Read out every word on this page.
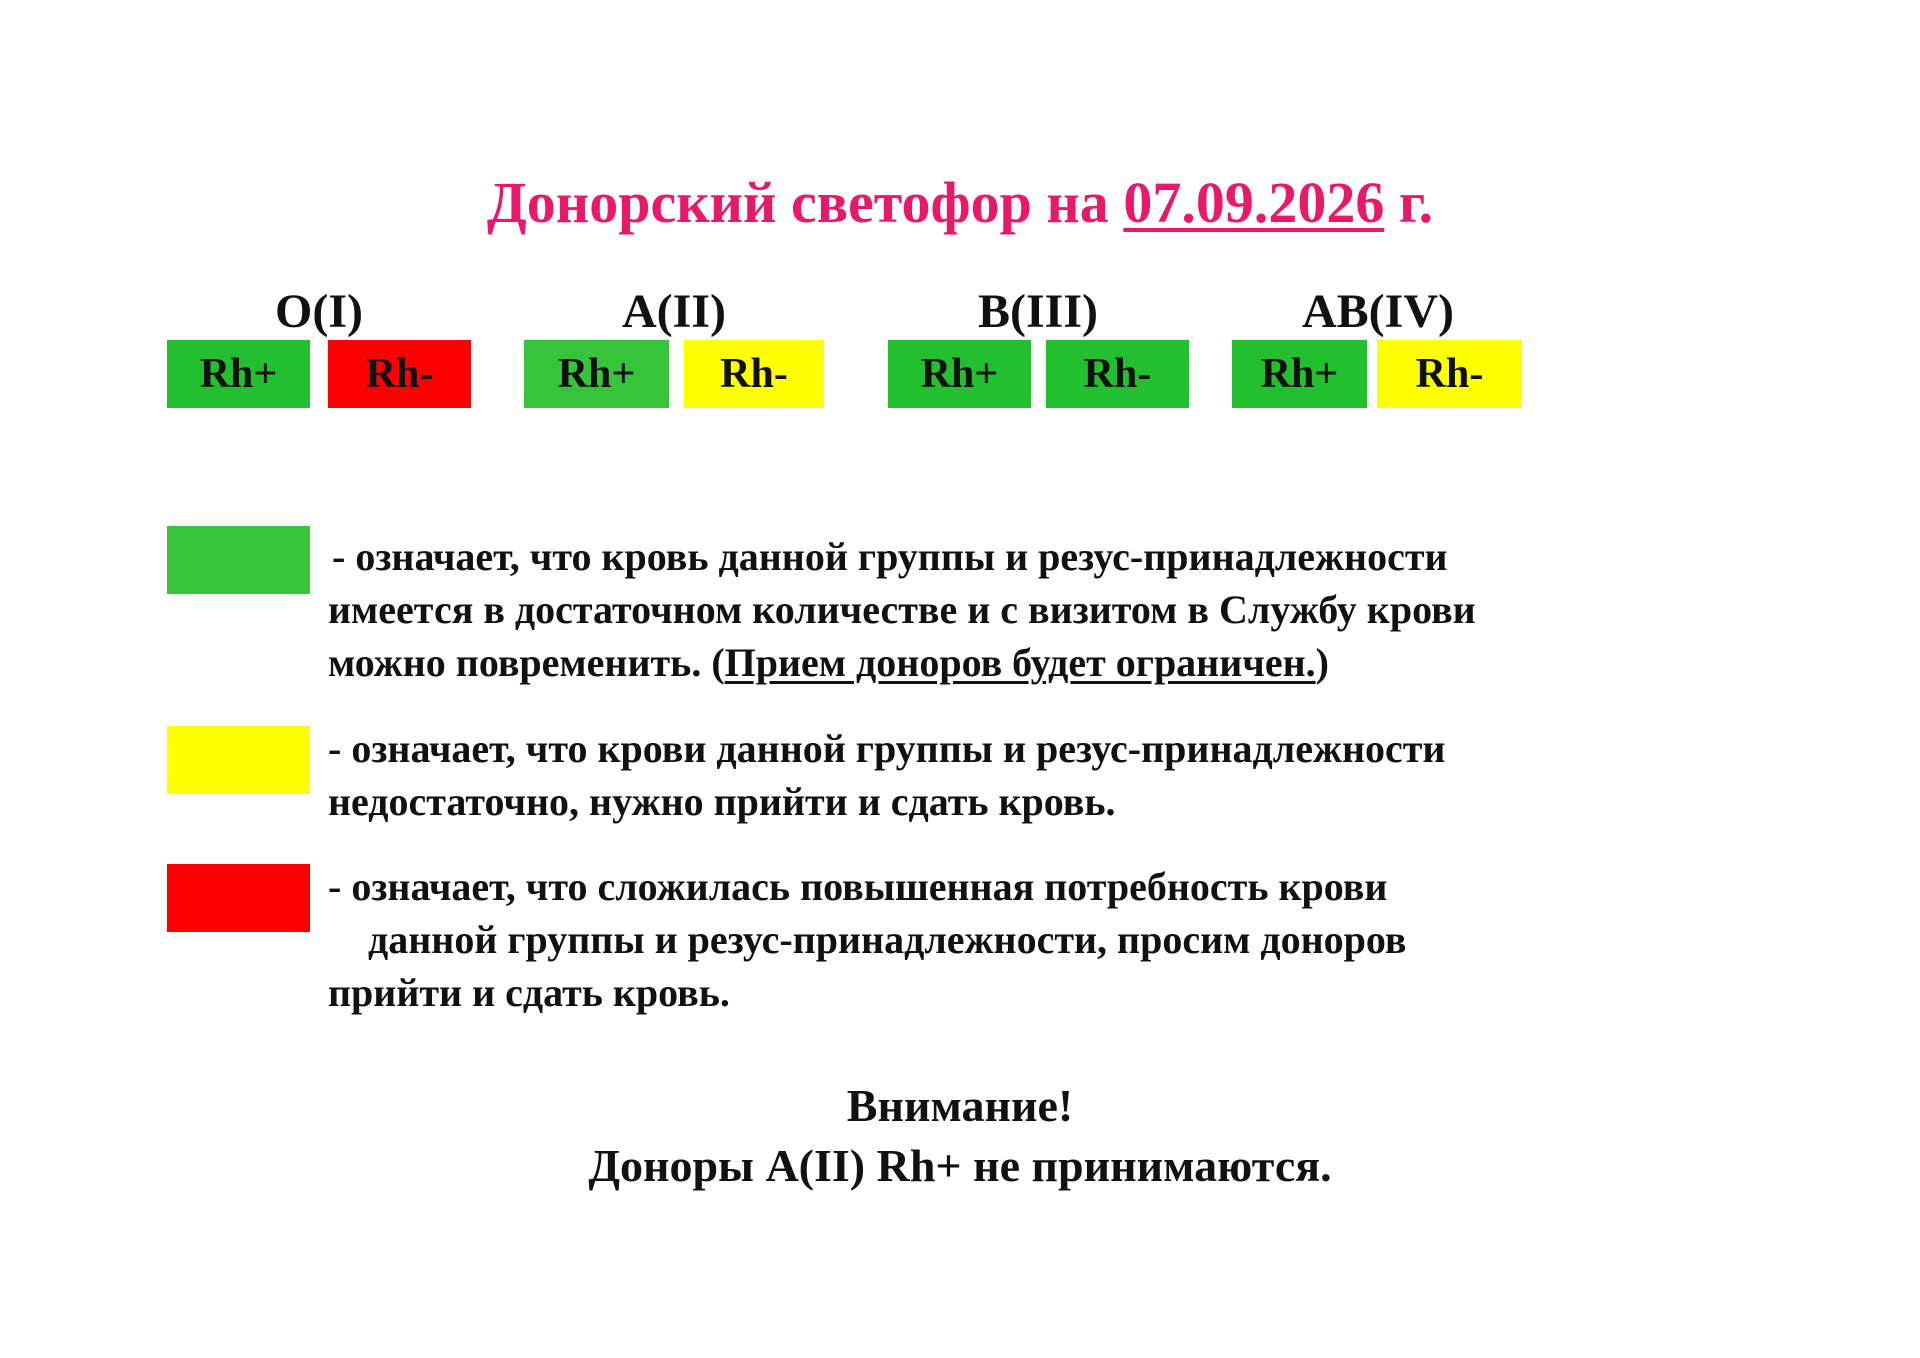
Донорский светофор на 07.09.2026 г.
O(I)
Rh+	Rh-
A(II)
Rh+	Rh-
B(III)
Rh+	Rh-
AB(IV)
Rh+	Rh-
- означает, что кровь данной группы и резус-принадлежности
имеется в достаточном количестве и с визитом в Службу крови
можно повременить. (Прием доноров будет ограничен.)
- означает, что крови данной группы и резус-принадлежности
недостаточно, нужно прийти и сдать кровь.
- означает, что сложилась повышенная потребность крови
данной группы и резус-принадлежности, просим доноров
прийти и сдать кровь.
Внимание!
Доноры A(II) Rh+ не принимаются.
